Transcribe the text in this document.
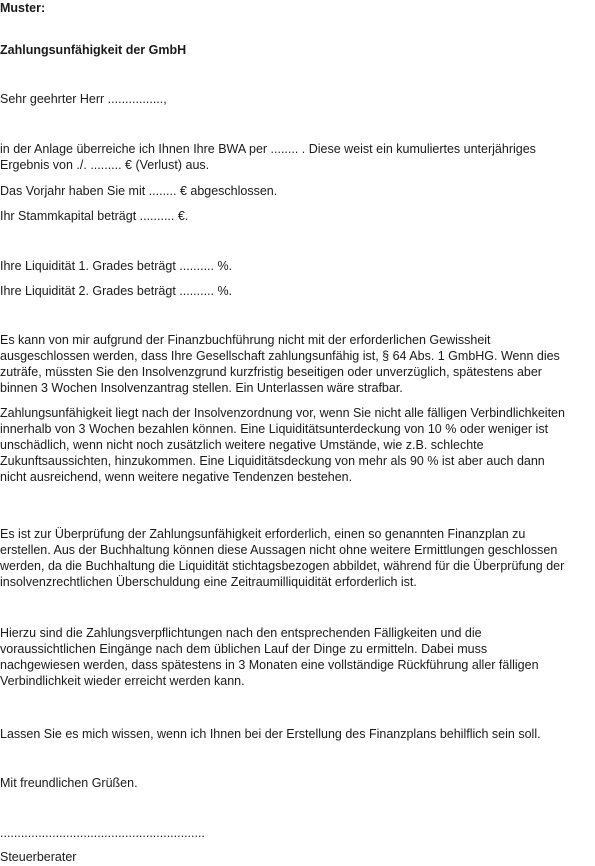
Muster:

Zahlungsunfähigkeit der GmbH

Sehr geehrter Herr ................,

in der Anlage überreiche ich Ihnen Ihre BWA per ........ . Diese weist ein kumuliertes unterjähriges
Ergebnis von ./. ......... € (Verlust) aus.

Das Vorjahr haben Sie mit ........ € abgeschlossen.

Ihr Stammkapital beträgt .......... €.

Ihre Liquidität 1. Grades beträgt .......... %.

Ihre Liquidität 2. Grades beträgt .......... %.

Es kann von mir aufgrund der Finanzbuchführung nicht mit der erforderlichen Gewissheit
ausgeschlossen werden, dass Ihre Gesellschaft zahlungsunfähig ist, § 64 Abs. 1 GmbHG. Wenn dies
zuträfe, müssten Sie den Insolvenzgrund kurzfristig beseitigen oder unverzüglich, spätestens aber
binnen 3 Wochen Insolvenzantrag stellen. Ein Unterlassen wäre strafbar.

Zahlungsunfähigkeit liegt nach der Insolvenzordnung vor, wenn Sie nicht alle fälligen Verbindlichkeiten
innerhalb von 3 Wochen bezahlen können. Eine Liquiditätsunterdeckung von 10 % oder weniger ist
unschädlich, wenn nicht noch zusätzlich weitere negative Umstände, wie z.B. schlechte
Zukunftsaussichten, hinzukommen. Eine Liquiditätsdeckung von mehr als 90 % ist aber auch dann
nicht ausreichend, wenn weitere negative Tendenzen bestehen.

Es ist zur Überprüfung der Zahlungsunfähigkeit erforderlich, einen so genannten Finanzplan zu
erstellen. Aus der Buchhaltung können diese Aussagen nicht ohne weitere Ermittlungen geschlossen
werden, da die Buchhaltung die Liquidität stichtagsbezogen abbildet, während für die Überprüfung der
insolvenzrechtlichen Überschuldung eine Zeitraumilliquidität erforderlich ist.

Hierzu sind die Zahlungsverpflichtungen nach den entsprechenden Fälligkeiten und die
voraussichtlichen Eingänge nach dem üblichen Lauf der Dinge zu ermitteln. Dabei muss
nachgewiesen werden, dass spätestens in 3 Monaten eine vollständige Rückführung aller fälligen
Verbindlichkeit wieder erreicht werden kann.

Lassen Sie es mich wissen, wenn ich Ihnen bei der Erstellung des Finanzplans behilflich sein soll.

Mit freundlichen Grüßen.

...........................................................

Steuerberater
